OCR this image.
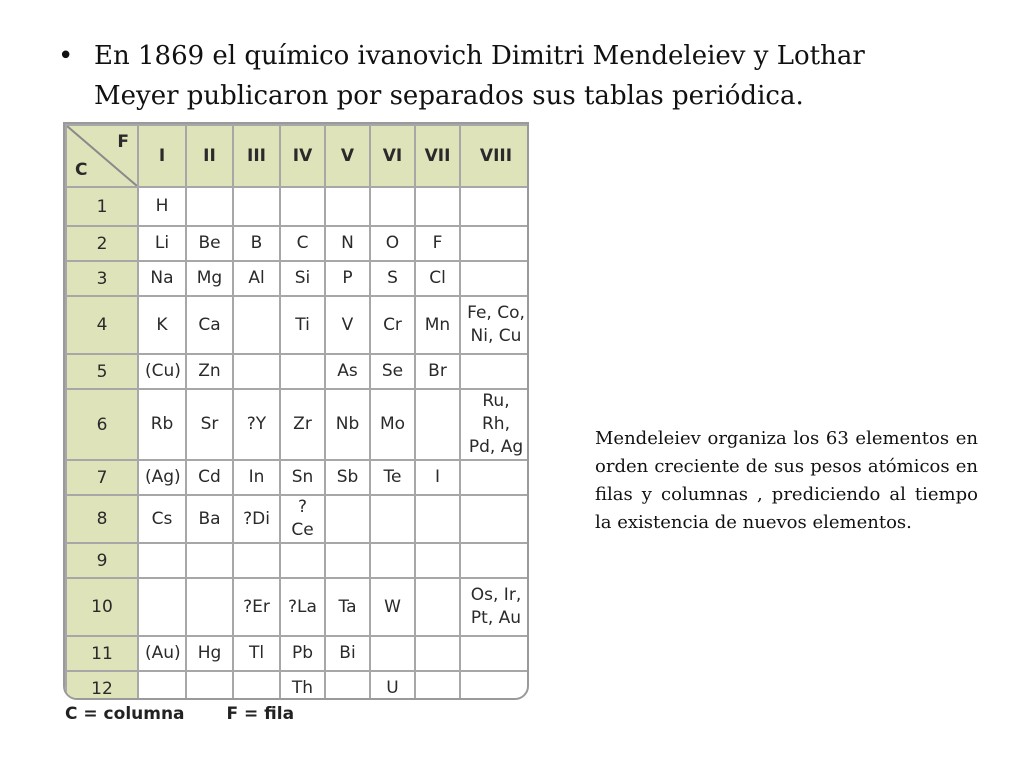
• En 1869 el químico ivanovich Dimitri Mendeleiev y Lothar
Meyer publicaron por separados sus tablas periódica.
F
C	I	II	III	IV	V	VI	VII	VIII
1	H							

2	Li	Be	B	C	N	O	F	

3	Na	Mg	Al	Si	P	S	Cl	

4	K	Ca		Ti	V	Cr	Mn	Fe, Co,
Ni, Cu

5	(Cu)	Zn			As	Se	Br	

6	Rb	Sr	?Y	Zr	Nb	Mo		Ru, Rh,
Pd, Ag

7	(Ag)	Cd	In	Sn	Sb	Te	I	

8	Cs	Ba	?Di	?Ce				

9	

10			?Er	?La	Ta	W		Os, Ir,
Pt, Au

11	(Au)	Hg	Tl	Pb	Bi			

12				Th		U		

C = columna F = fila
Mendeleiev organiza los 63 elementos en orden creciente de sus pesos atómicos en filas y columnas , prediciendo al tiempo la existencia de nuevos elementos.
